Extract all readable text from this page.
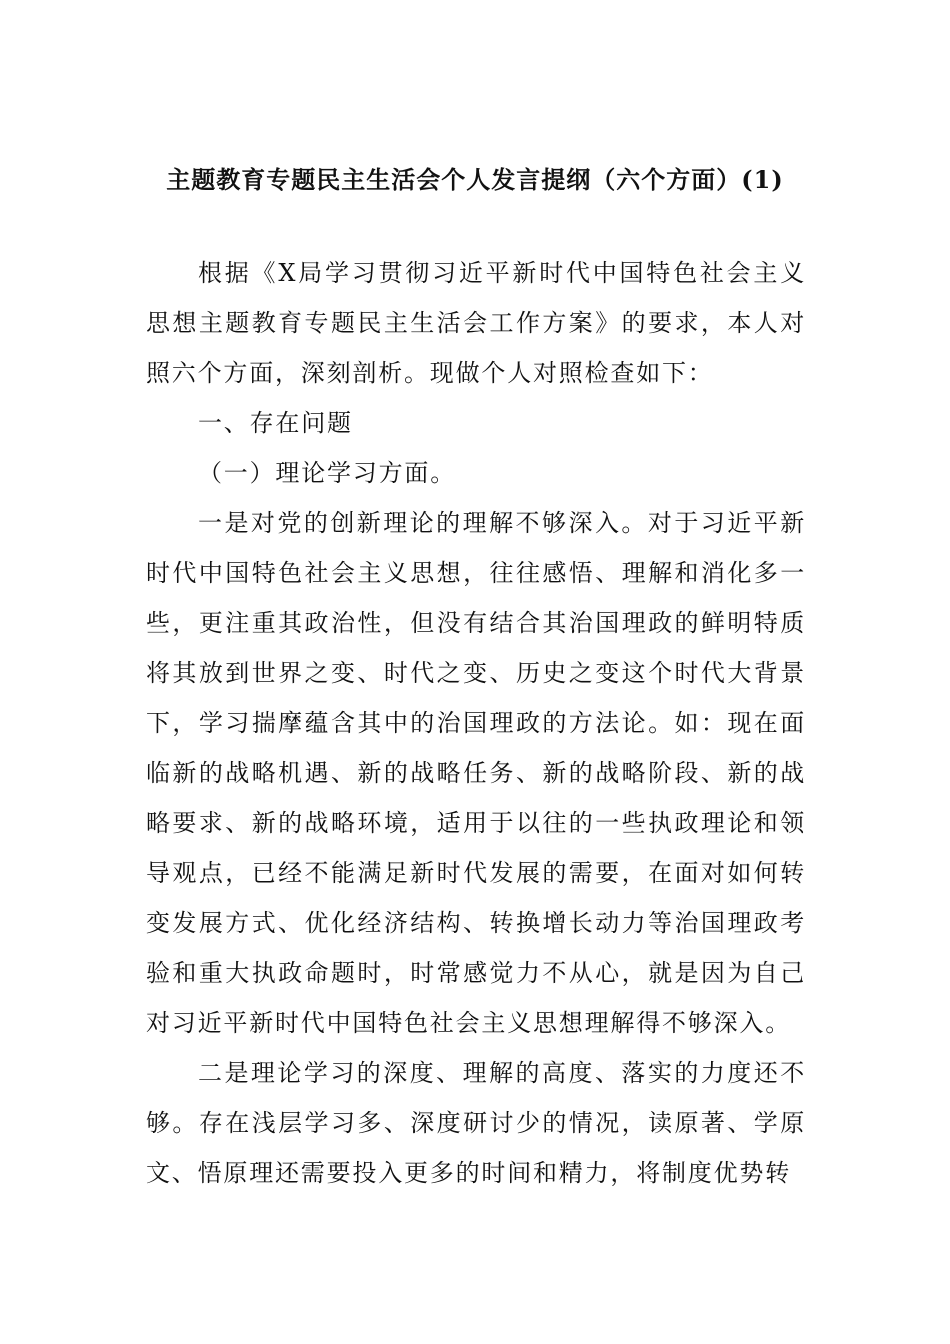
主题教育专题民主生活会个人发言提纲（六个方面）(1)

根据《X局学习贯彻习近平新时代中国特色社会主义思想主题教育专题民主生活会工作方案》的要求，本人对照六个方面，深刻剖析。现做个人对照检查如下：

一、存在问题

（一）理论学习方面。

一是对党的创新理论的理解不够深入。对于习近平新时代中国特色社会主义思想，往往感悟、理解和消化多一些，更注重其政治性，但没有结合其治国理政的鲜明特质将其放到世界之变、时代之变、历史之变这个时代大背景下，学习揣摩蕴含其中的治国理政的方法论。如：现在面临新的战略机遇、新的战略任务、新的战略阶段、新的战略要求、新的战略环境，适用于以往的一些执政理论和领导观点，已经不能满足新时代发展的需要，在面对如何转变发展方式、优化经济结构、转换增长动力等治国理政考验和重大执政命题时，时常感觉力不从心，就是因为自己对习近平新时代中国特色社会主义思想理解得不够深入。

二是理论学习的深度、理解的高度、落实的力度还不够。存在浅层学习多、深度研讨少的情况，读原著、学原文、悟原理还需要投入更多的时间和精力，将制度优势转
